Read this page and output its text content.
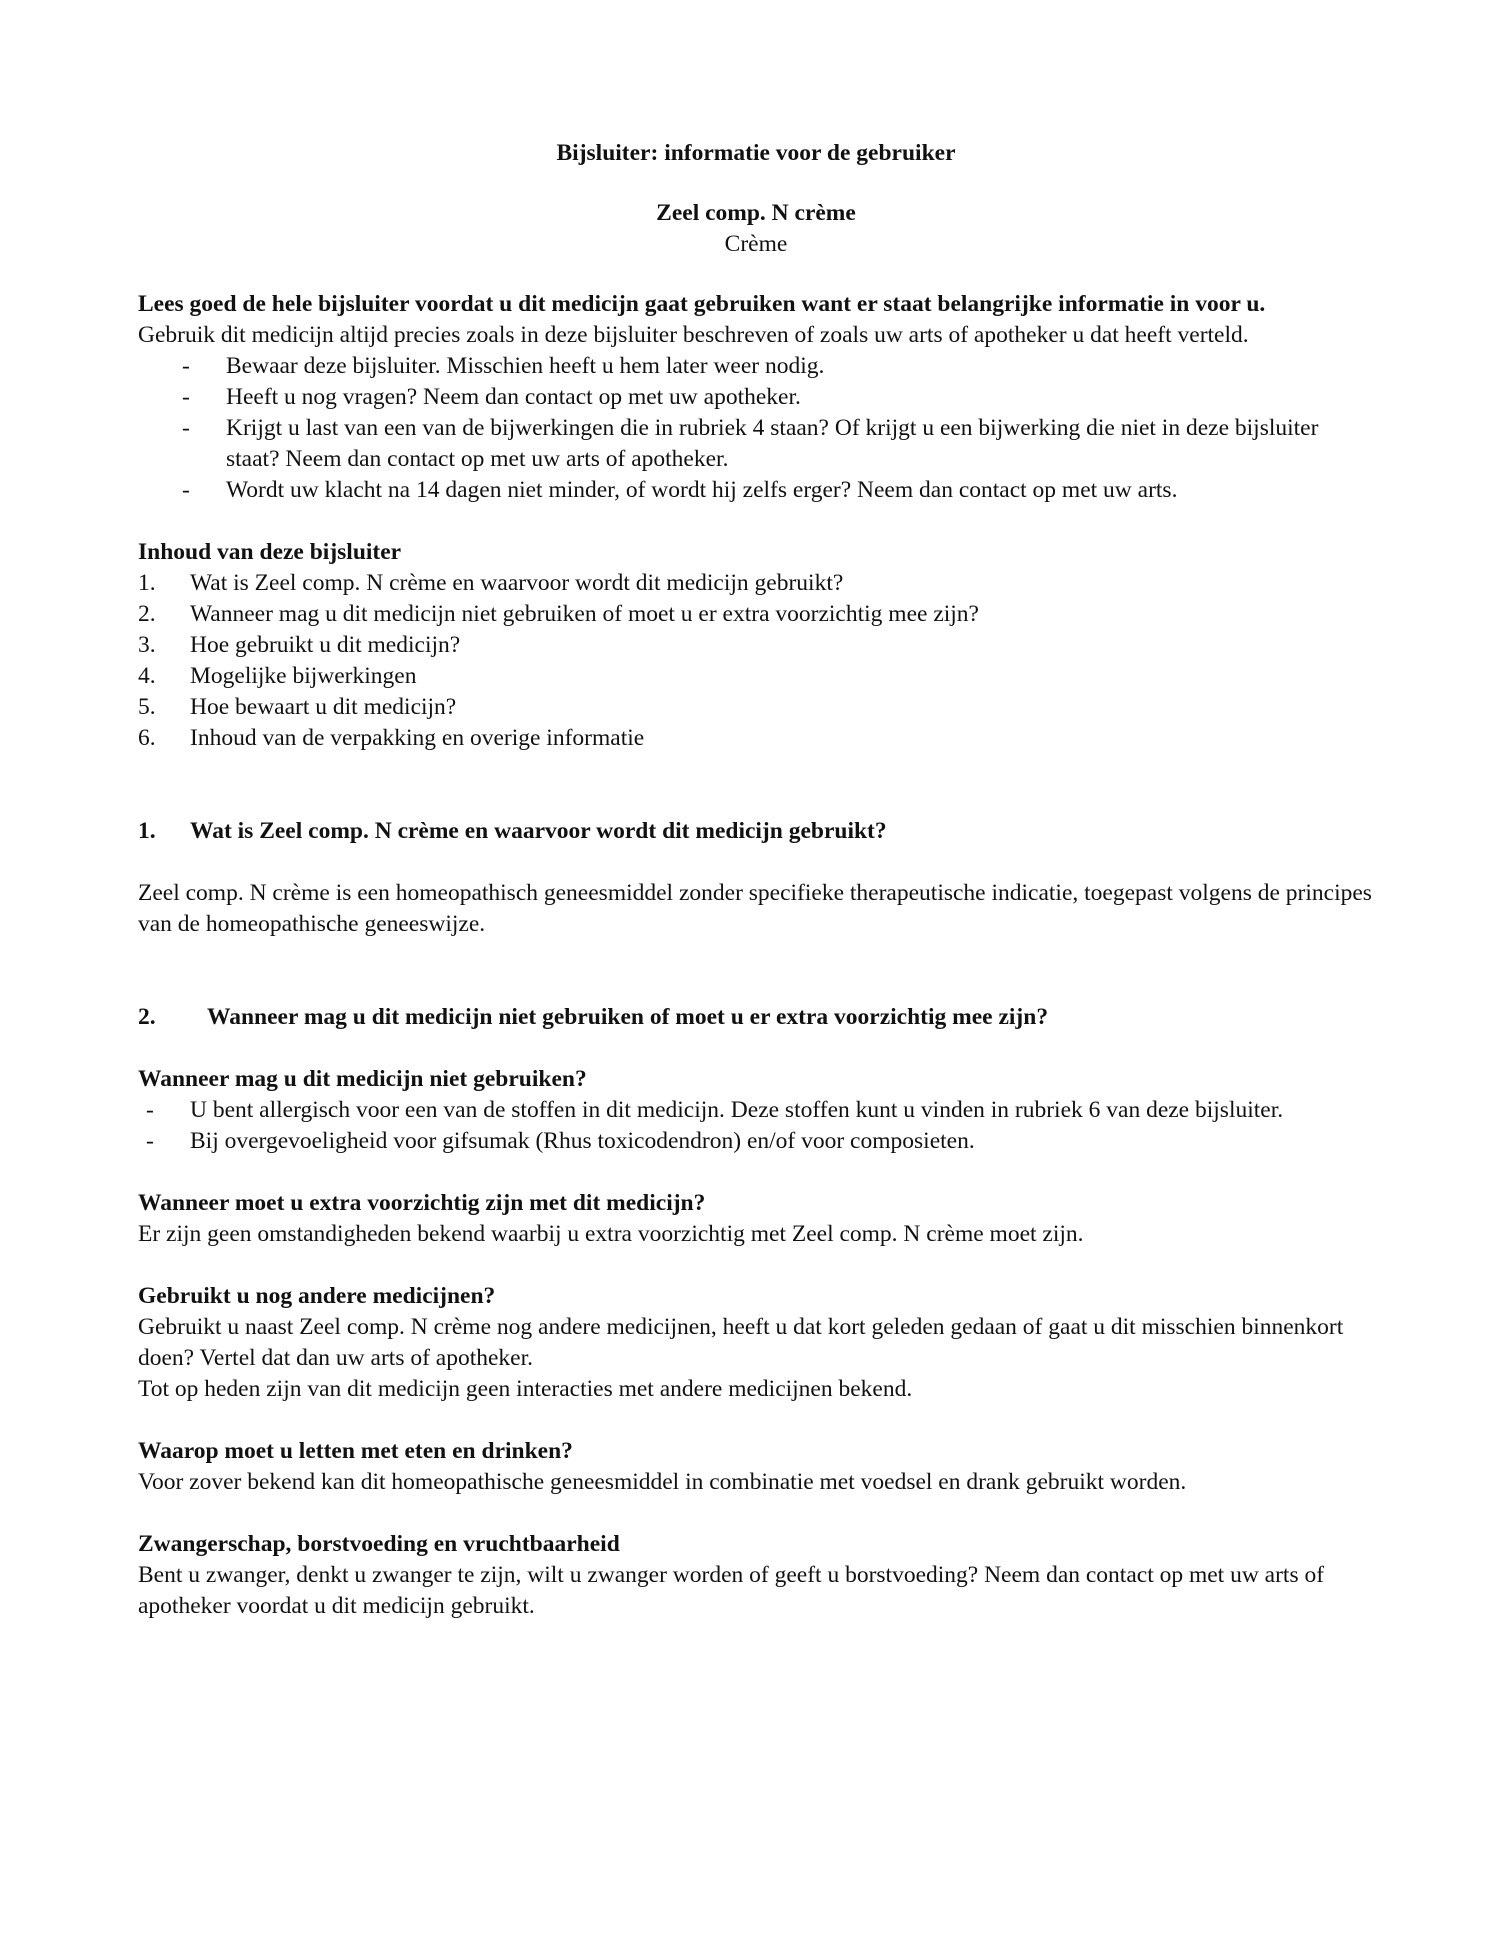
Bijsluiter: informatie voor de gebruiker

Zeel comp. N crème

Crème

Lees goed de hele bijsluiter voordat u dit medicijn gaat gebruiken want er staat belangrijke informatie in voor u.

Gebruik dit medicijn altijd precies zoals in deze bijsluiter beschreven of zoals uw arts of apotheker u dat heeft verteld.

- Bewaar deze bijsluiter. Misschien heeft u hem later weer nodig.
- Heeft u nog vragen? Neem dan contact op met uw apotheker.
- Krijgt u last van een van de bijwerkingen die in rubriek 4 staan? Of krijgt u een bijwerking die niet in deze bijsluiter staat? Neem dan contact op met uw arts of apotheker.
- Wordt uw klacht na 14 dagen niet minder, of wordt hij zelfs erger? Neem dan contact op met uw arts.

Inhoud van deze bijsluiter

1. Wat is Zeel comp. N crème en waarvoor wordt dit medicijn gebruikt?
2. Wanneer mag u dit medicijn niet gebruiken of moet u er extra voorzichtig mee zijn?
3. Hoe gebruikt u dit medicijn?
4. Mogelijke bijwerkingen
5. Hoe bewaart u dit medicijn?
6. Inhoud van de verpakking en overige informatie
1. Wat is Zeel comp. N crème en waarvoor wordt dit medicijn gebruikt?

Zeel comp. N crème is een homeopathisch geneesmiddel zonder specifieke therapeutische indicatie, toegepast volgens de principes van de homeopathische geneeswijze.

2. Wanneer mag u dit medicijn niet gebruiken of moet u er extra voorzichtig mee zijn?

Wanneer mag u dit medicijn niet gebruiken?

- U bent allergisch voor een van de stoffen in dit medicijn. Deze stoffen kunt u vinden in rubriek 6 van deze bijsluiter.
- Bij overgevoeligheid voor gifsumak (Rhus toxicodendron) en/of voor composieten.

Wanneer moet u extra voorzichtig zijn met dit medicijn?

Er zijn geen omstandigheden bekend waarbij u extra voorzichtig met Zeel comp. N crème moet zijn.

Gebruikt u nog andere medicijnen?

Gebruikt u naast Zeel comp. N crème nog andere medicijnen, heeft u dat kort geleden gedaan of gaat u dit misschien binnenkort doen? Vertel dat dan uw arts of apotheker.

Tot op heden zijn van dit medicijn geen interacties met andere medicijnen bekend.

Waarop moet u letten met eten en drinken?

Voor zover bekend kan dit homeopathische geneesmiddel in combinatie met voedsel en drank gebruikt worden.

Zwangerschap, borstvoeding en vruchtbaarheid

Bent u zwanger, denkt u zwanger te zijn, wilt u zwanger worden of geeft u borstvoeding? Neem dan contact op met uw arts of apotheker voordat u dit medicijn gebruikt.
